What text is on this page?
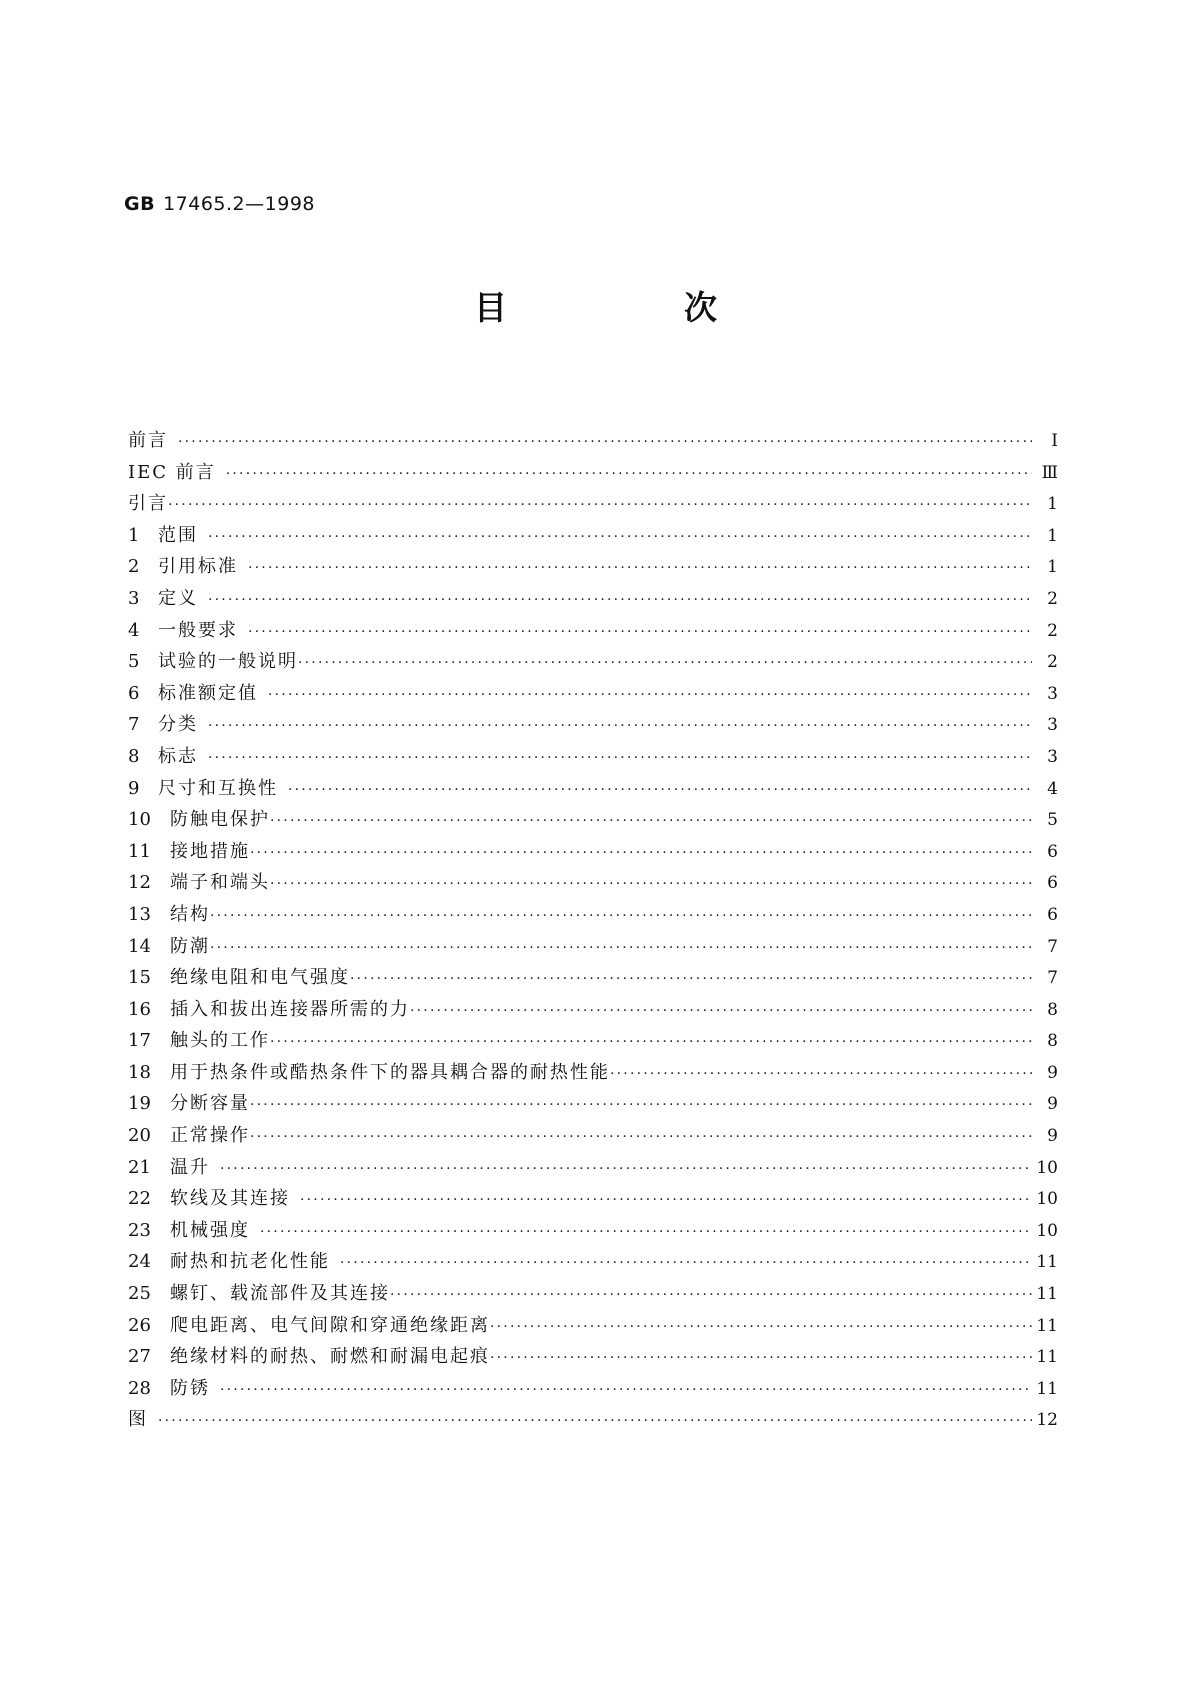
GB 17465.2—1998
目　次
前言 ·····	I
IEC 前言 ·····	Ⅲ
引言 ·····	1
1	范围 ·····	1
2	引用标准 ·····	1
3	定义 ·····	2
4	一般要求 ·····	2
5	试验的一般说明 ·····	2
6	标准额定值 ·····	3
7	分类 ·····	3
8	标志 ·····	3
9	尺寸和互换性 ·····	4
10	防触电保护 ·····	5
11	接地措施 ·····	6
12	端子和端头 ·····	6
13	结构 ·····	6
14	防潮 ·····	7
15	绝缘电阻和电气强度 ·····	7
16	插入和拔出连接器所需的力 ·····	8
17	触头的工作 ·····	8
18	用于热条件或酷热条件下的器具耦合器的耐热性能 ·····	9
19	分断容量 ·····	9
20	正常操作 ·····	9
21	温升 ·····	10
22	软线及其连接 ·····	10
23	机械强度 ·····	10
24	耐热和抗老化性能 ·····	11
25	螺钉、载流部件及其连接 ·····	11
26	爬电距离、电气间隙和穿通绝缘距离 ·····	11
27	绝缘材料的耐热、耐燃和耐漏电起痕 ·····	11
28	防锈 ·····	11
图 ·····	12
